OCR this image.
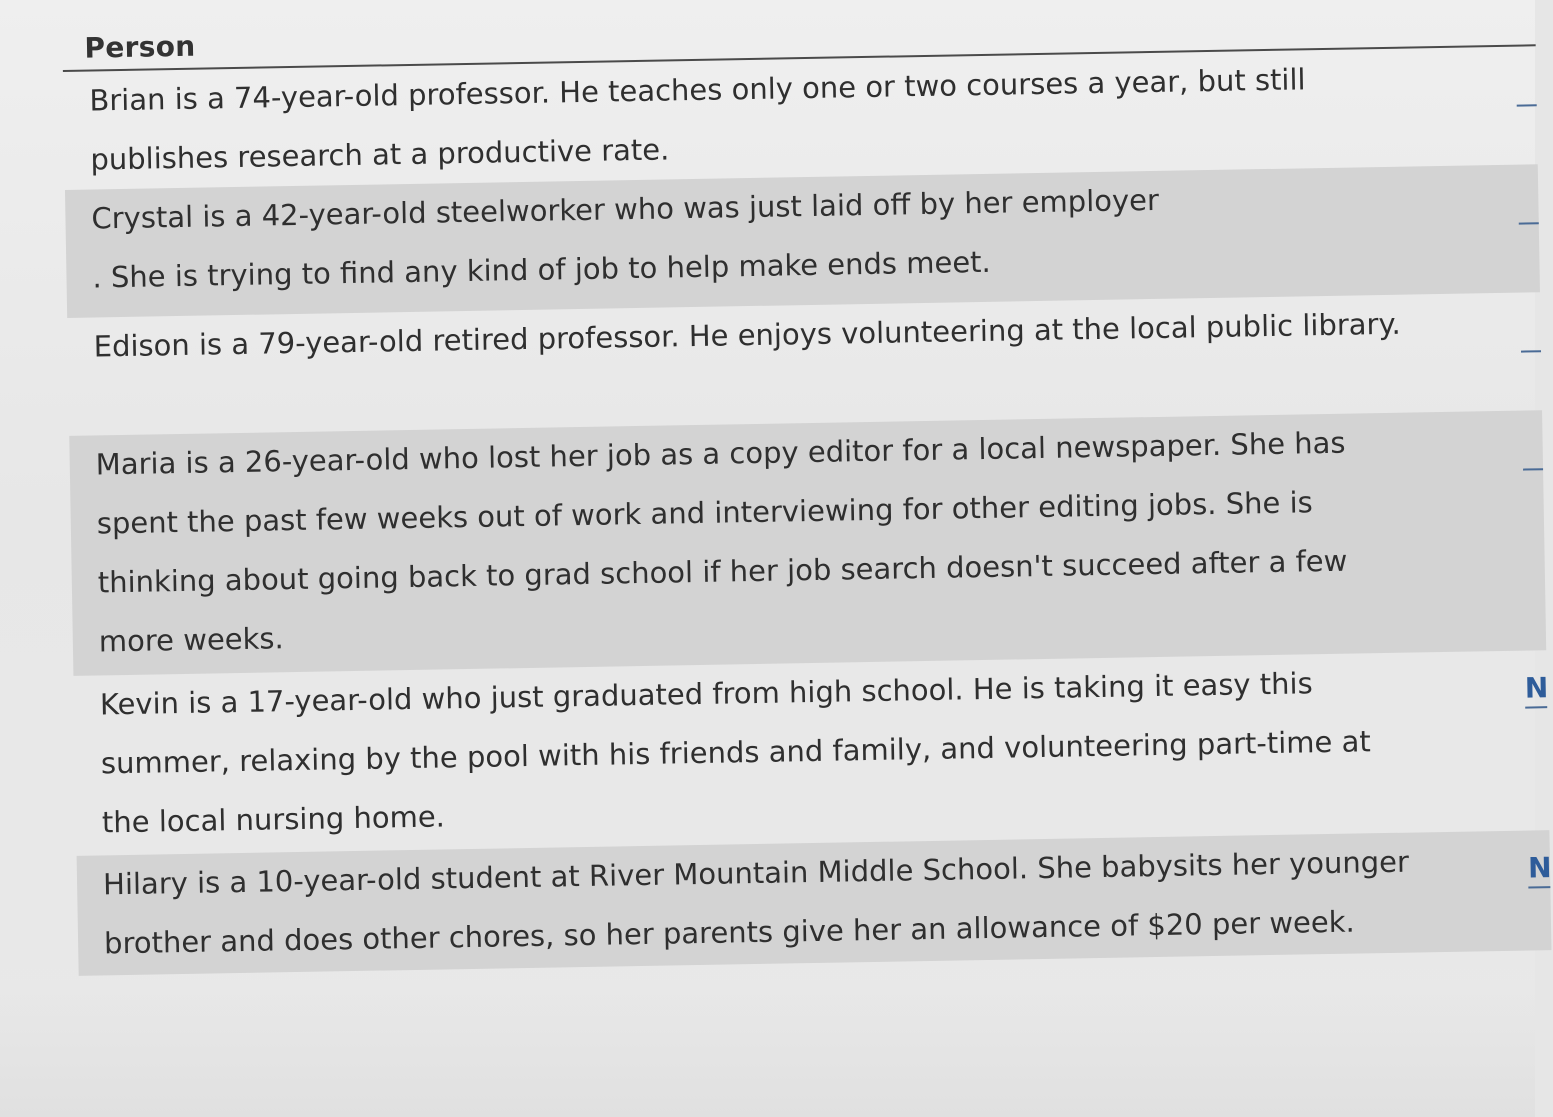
Person
Brian is a 74-year-old professor. He teaches only one or two courses a year, but still publishes research at a productive rate.
Crystal is a 42-year-old steelworker who was just laid off by her employer
. She is trying to find any kind of job to help make ends meet.
Edison is a 79-year-old retired professor. He enjoys volunteering at the local public library.
Maria is a 26-year-old who lost her job as a copy editor for a local newspaper. She has spent the past few weeks out of work and interviewing for other editing jobs. She is thinking about going back to grad school if her job search doesn't succeed after a few more weeks.
Kevin is a 17-year-old who just graduated from high school. He is taking it easy this summer, relaxing by the pool with his friends and family, and volunteering part-time at the local nursing home.
N
Hilary is a 10-year-old student at River Mountain Middle School. She babysits her younger brother and does other chores, so her parents give her an allowance of $20 per week.
N
